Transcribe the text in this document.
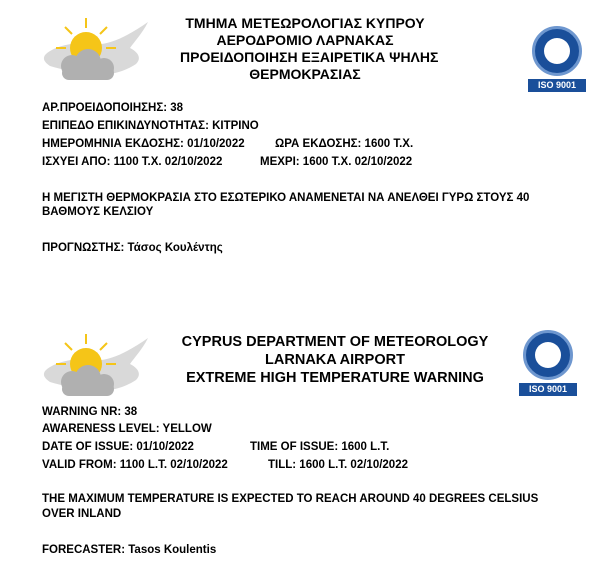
ΤΜΗΜΑ ΜΕΤΕΩΡΟΛΟΓΙΑΣ ΚΥΠΡΟΥ
ΑΕΡΟΔΡΟΜΙΟ ΛΑΡΝΑΚΑΣ
ΠΡΟΕΙΔΟΠΟΙΗΣΗ ΕΞΑΙΡΕΤΙΚΑ ΨΗΛΗΣ
ΘΕΡΜΟΚΡΑΣΙΑΣ
ISO 9001
ΑΡ.ΠΡΟΕΙΔΟΠΟΙΗΣΗΣ: 38
ΕΠΙΠΕΔΟ ΕΠΙΚΙΝΔΥΝΟΤΗΤΑΣ: ΚΙΤΡΙΝΟ
ΗΜΕΡΟΜΗΝΙΑ ΕΚΔΟΣΗΣ: 01/10/2022	ΩΡΑ ΕΚΔΟΣΗΣ: 1600 Τ.Χ.
ΙΣΧΥΕΙ ΑΠΟ: 1100 Τ.Χ. 02/10/2022	ΜΕΧΡΙ: 1600 Τ.Χ. 02/10/2022
Η ΜΕΓΙΣΤΗ ΘΕΡΜΟΚΡΑΣΙΑ ΣΤΟ ΕΣΩΤΕΡΙΚΟ ΑΝΑΜΕΝΕΤΑΙ ΝΑ ΑΝΕΛΘΕΙ ΓΥΡΩ ΣΤΟΥΣ 40
ΒΑΘΜΟΥΣ ΚΕΛΣΙΟΥ
ΠΡΟΓΝΩΣΤΗΣ: Τάσος Κουλέντης
CYPRUS DEPARTMENT OF METEOROLOGY
LARNAKA AIRPORT
EXTREME HIGH TEMPERATURE WARNING
ISO 9001
WARNING NR: 38
AWARENESS LEVEL: YELLOW
DATE OF ISSUE: 01/10/2022	TIME OF ISSUE: 1600 L.T.
VALID FROM: 1100 L.T. 02/10/2022	TILL: 1600 L.T. 02/10/2022
THE MAXIMUM TEMPERATURE IS EXPECTED TO REACH AROUND 40 DEGREES CELSIUS
OVER INLAND
FORECASTER: Tasos Koulentis
